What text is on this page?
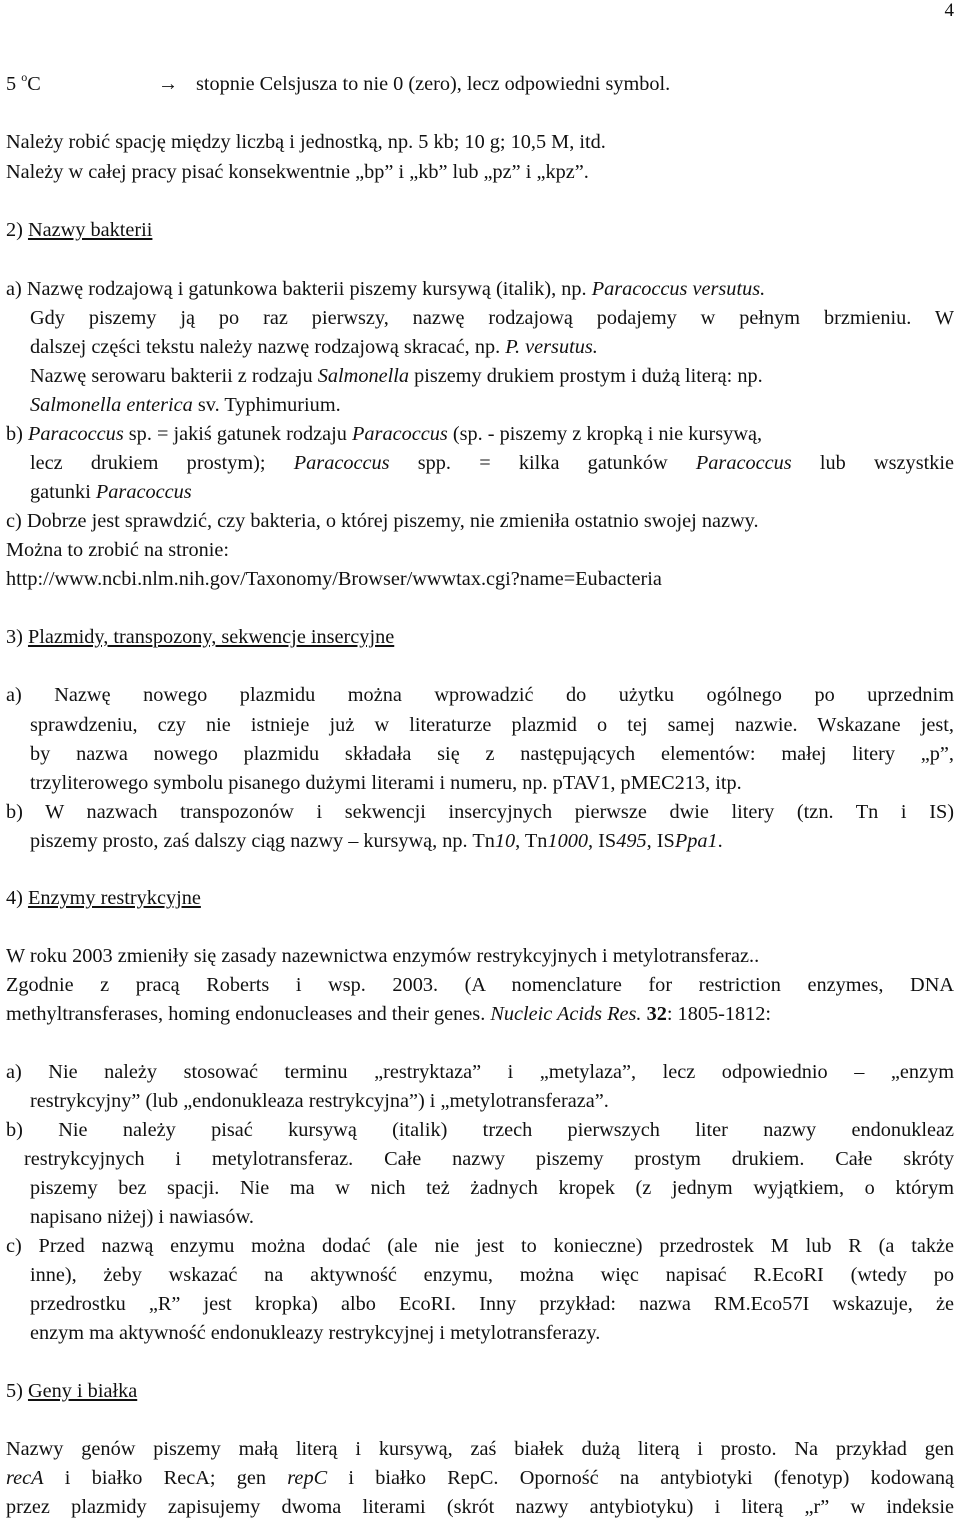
4
5 $^o$C	→ stopnie Celsjusza to nie 0 (zero), lecz odpowiedni symbol.
Należy robić spację między liczbą i jednostką, np. 5 kb; 10 g; 10,5 M, itd.
Należy w całej pracy pisać konsekwentnie „bp” i „kb” lub „pz” i „kpz”.
2) Nazwy bakterii
a) Nazwę rodzajową i gatunkowa bakterii piszemy kursywą (italik), np. Paracoccus versutus.
Gdy piszemy ją po raz pierwszy, nazwę rodzajową podajemy w pełnym brzmieniu. W
dalszej części tekstu należy nazwę rodzajową skracać, np. P. versutus.
Nazwę serowaru bakterii z rodzaju Salmonella piszemy drukiem prostym i dużą literą: np.
Salmonella enterica sv. Typhimurium.
b) Paracoccus sp. = jakiś gatunek rodzaju Paracoccus (sp. - piszemy z kropką i nie kursywą,
lecz drukiem prostym); Paracoccus spp. = kilka gatunków Paracoccus lub wszystkie
gatunki Paracoccus
c) Dobrze jest sprawdzić, czy bakteria, o której piszemy, nie zmieniła ostatnio swojej nazwy.
Można to zrobić na stronie:
http://www.ncbi.nlm.nih.gov/Taxonomy/Browser/wwwtax.cgi?name=Eubacteria
3) Plazmidy, transpozony, sekwencje insercyjne
a) Nazwę nowego plazmidu można wprowadzić do użytku ogólnego po uprzednim
sprawdzeniu, czy nie istnieje już w literaturze plazmid o tej samej nazwie. Wskazane jest,
by nazwa nowego plazmidu składała się z następujących elementów: małej litery „p”,
trzyliterowego symbolu pisanego dużymi literami i numeru, np. pTAV1, pMEC213, itp.
b) W nazwach transpozonów i sekwencji insercyjnych pierwsze dwie litery (tzn. Tn i IS)
piszemy prosto, zaś dalszy ciąg nazwy – kursywą, np. Tn10, Tn1000, IS495, ISPpa1.
4) Enzymy restrykcyjne
W roku 2003 zmieniły się zasady nazewnictwa enzymów restrykcyjnych i metylotransferaz..
Zgodnie z pracą Roberts i wsp. 2003. (A nomenclature for restriction enzymes, DNA
methyltransferases, homing endonucleases and their genes. Nucleic Acids Res. 32: 1805-1812:
a) Nie należy stosować terminu „restryktaza” i „metylaza”, lecz odpowiednio – „enzym
restrykcyjny” (lub „endonukleaza restrykcyjna”) i „metylotransferaza”.
b) Nie należy pisać kursywą (italik) trzech pierwszych liter nazwy endonukleaz
restrykcyjnych i metylotransferaz. Całe nazwy piszemy prostym drukiem. Całe skróty
piszemy bez spacji. Nie ma w nich też żadnych kropek (z jednym wyjątkiem, o którym
napisano niżej) i nawiasów.
c) Przed nazwą enzymu można dodać (ale nie jest to konieczne) przedrostek M lub R (a także
inne), żeby wskazać na aktywność enzymu, można więc napisać R.EcoRI (wtedy po
przedrostku „R” jest kropka) albo EcoRI. Inny przykład: nazwa RM.Eco57I wskazuje, że
enzym ma aktywność endonukleazy restrykcyjnej i metylotransferazy.
5) Geny i białka
Nazwy genów piszemy małą literą i kursywą, zaś białek dużą literą i prosto. Na przykład gen
recA i białko RecA; gen repC i białko RepC. Oporność na antybiotyki (fenotyp) kodowaną
przez plazmidy zapisujemy dwoma literami (skrót nazwy antybiotyku) i literą „r” w indeksie
